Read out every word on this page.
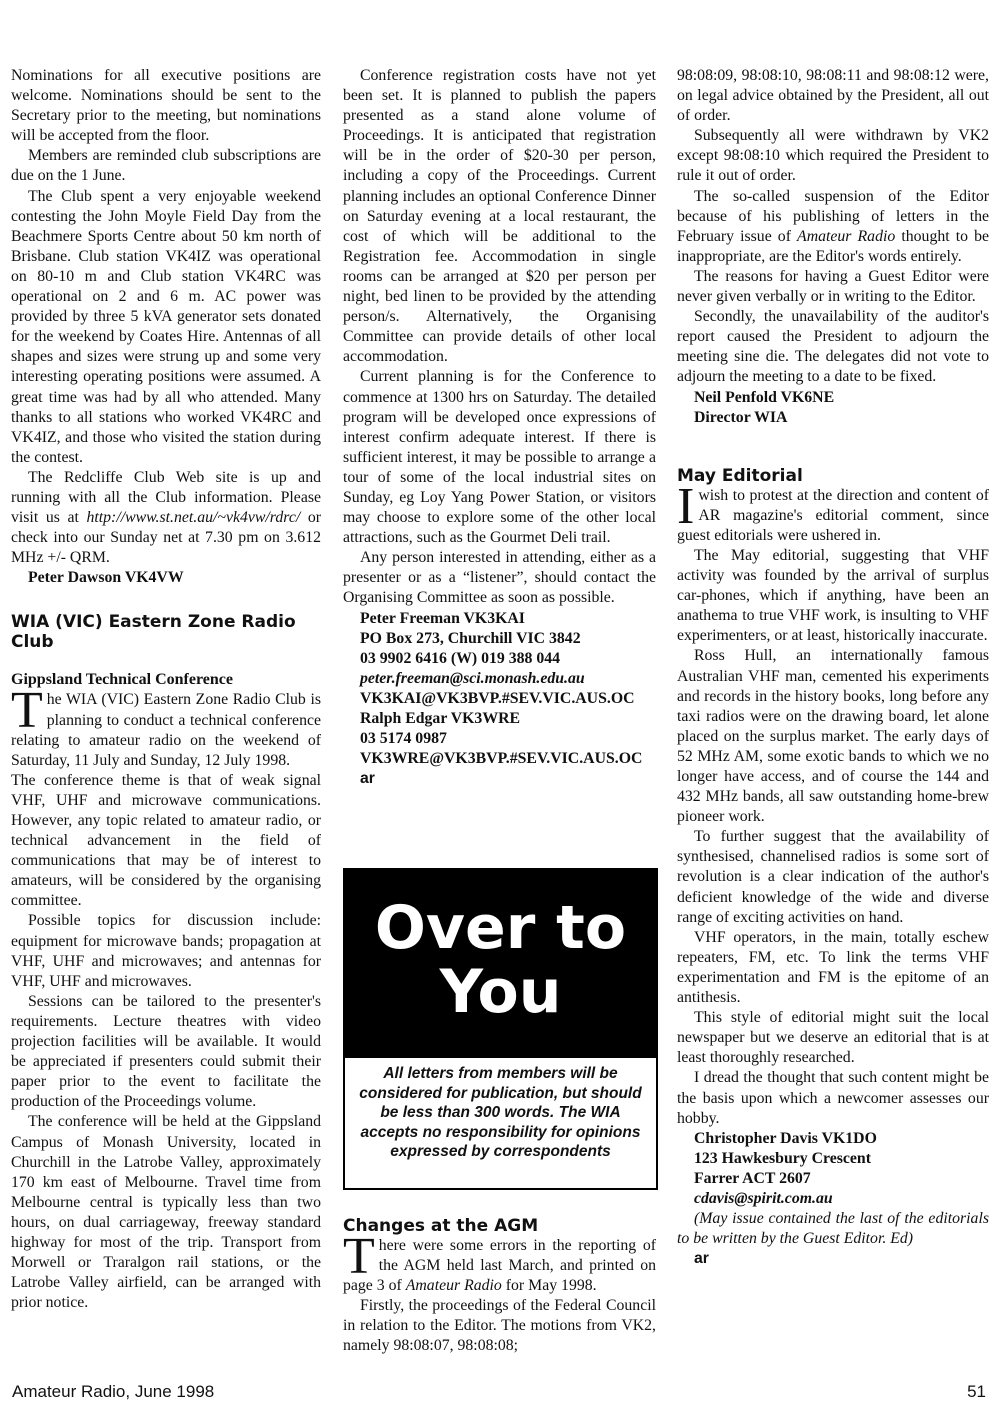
Nominations for all executive positions are welcome. Nominations should be sent to the Secretary prior to the meeting, but nominations will be accepted from the floor.

Members are reminded club subscriptions are due on the 1 June.

The Club spent a very enjoyable weekend contesting the John Moyle Field Day from the Beachmere Sports Centre about 50 km north of Brisbane. Club station VK4IZ was operational on 80-10 m and Club station VK4RC was operational on 2 and 6 m. AC power was provided by three 5 kVA generator sets donated for the weekend by Coates Hire. Antennas of all shapes and sizes were strung up and some very interesting operating positions were assumed. A great time was had by all who attended. Many thanks to all stations who worked VK4RC and VK4IZ, and those who visited the station during the contest.

The Redcliffe Club Web site is up and running with all the Club information. Please visit us at http://www.st.net.au/~vk4vw/rdrc/ or check into our Sunday net at 7.30 pm on 3.612 MHz +/- QRM.

Peter Dawson VK4VW

WIA (VIC) Eastern Zone Radio Club
Gippsland Technical Conference

The WIA (VIC) Eastern Zone Radio Club is planning to conduct a technical conference relating to amateur radio on the weekend of Saturday, 11 July and Sunday, 12 July 1998.

The conference theme is that of weak signal VHF, UHF and microwave communications. However, any topic related to amateur radio, or technical advancement in the field of communications that may be of interest to amateurs, will be considered by the organising committee.

Possible topics for discussion include: equipment for microwave bands; propagation at VHF, UHF and microwaves; and antennas for VHF, UHF and microwaves.

Sessions can be tailored to the presenter's requirements. Lecture theatres with video projection facilities will be available. It would be appreciated if presenters could submit their paper prior to the event to facilitate the production of the Proceedings volume.

The conference will be held at the Gippsland Campus of Monash University, located in Churchill in the Latrobe Valley, approximately 170 km east of Melbourne. Travel time from Melbourne central is typically less than two hours, on dual carriageway, freeway standard highway for most of the trip. Transport from Morwell or Traralgon rail stations, or the Latrobe Valley airfield, can be arranged with prior notice.

Conference registration costs have not yet been set. It is planned to publish the papers presented as a stand alone volume of Proceedings. It is anticipated that registration will be in the order of $20-30 per person, including a copy of the Proceedings. Current planning includes an optional Conference Dinner on Saturday evening at a local restaurant, the cost of which will be additional to the Registration fee. Accommodation in single rooms can be arranged at $20 per person per night, bed linen to be provided by the attending person/s. Alternatively, the Organising Committee can provide details of other local accommodation.

Current planning is for the Conference to commence at 1300 hrs on Saturday. The detailed program will be developed once expressions of interest confirm adequate interest. If there is sufficient interest, it may be possible to arrange a tour of some of the local industrial sites on Sunday, eg Loy Yang Power Station, or visitors may choose to explore some of the other local attractions, such as the Gourmet Deli trail.

Any person interested in attending, either as a presenter or as a “listener”, should contact the Organising Committee as soon as possible.

Peter Freeman VK3KAI

PO Box 273, Churchill VIC 3842

03 9902 6416 (W) 019 388 044

peter.freeman@sci.monash.edu.au

VK3KAI@VK3BVP.#SEV.VIC.AUS.OC

Ralph Edgar VK3WRE

03 5174 0987

VK3WRE@VK3BVP.#SEV.VIC.AUS.OC

ar

Over to
You
All letters from members will be considered for publication, but should be less than 300 words. The WIA accepts no responsibility for opinions expressed by correspondents
Changes at the AGM

There were some errors in the reporting of the AGM held last March, and printed on page 3 of Amateur Radio for May 1998.

Firstly, the proceedings of the Federal Council in relation to the Editor. The motions from VK2, namely 98:08:07, 98:08:08;

98:08:09, 98:08:10, 98:08:11 and 98:08:12 were, on legal advice obtained by the President, all out of order.

Subsequently all were withdrawn by VK2 except 98:08:10 which required the President to rule it out of order.

The so-called suspension of the Editor because of his publishing of letters in the February issue of Amateur Radio thought to be inappropriate, are the Editor's words entirely.

The reasons for having a Guest Editor were never given verbally or in writing to the Editor.

Secondly, the unavailability of the auditor's report caused the President to adjourn the meeting sine die. The delegates did not vote to adjourn the meeting to a date to be fixed.

Neil Penfold VK6NE

Director WIA

May Editorial

Iwish to protest at the direction and content of AR magazine's editorial comment, since guest editorials were ushered in.

The May editorial, suggesting that VHF activity was founded by the arrival of surplus car-phones, which if anything, have been an anathema to true VHF work, is insulting to VHF experimenters, or at least, historically inaccurate.

Ross Hull, an internationally famous Australian VHF man, cemented his experiments and records in the history books, long before any taxi radios were on the drawing board, let alone placed on the surplus market. The early days of 52 MHz AM, some exotic bands to which we no longer have access, and of course the 144 and 432 MHz bands, all saw outstanding home-brew pioneer work.

To further suggest that the availability of synthesised, channelised radios is some sort of revolution is a clear indication of the author's deficient knowledge of the wide and diverse range of exciting activities on hand.

VHF operators, in the main, totally eschew repeaters, FM, etc. To link the terms VHF experimentation and FM is the epitome of an antithesis.

This style of editorial might suit the local newspaper but we deserve an editorial that is at least thoroughly researched.

I dread the thought that such content might be the basis upon which a newcomer assesses our hobby.

Christopher Davis VK1DO

123 Hawkesbury Crescent

Farrer ACT 2607

cdavis@spirit.com.au

(May issue contained the last of the editorials to be written by the Guest Editor. Ed)

ar

Amateur Radio, June 1998	51
